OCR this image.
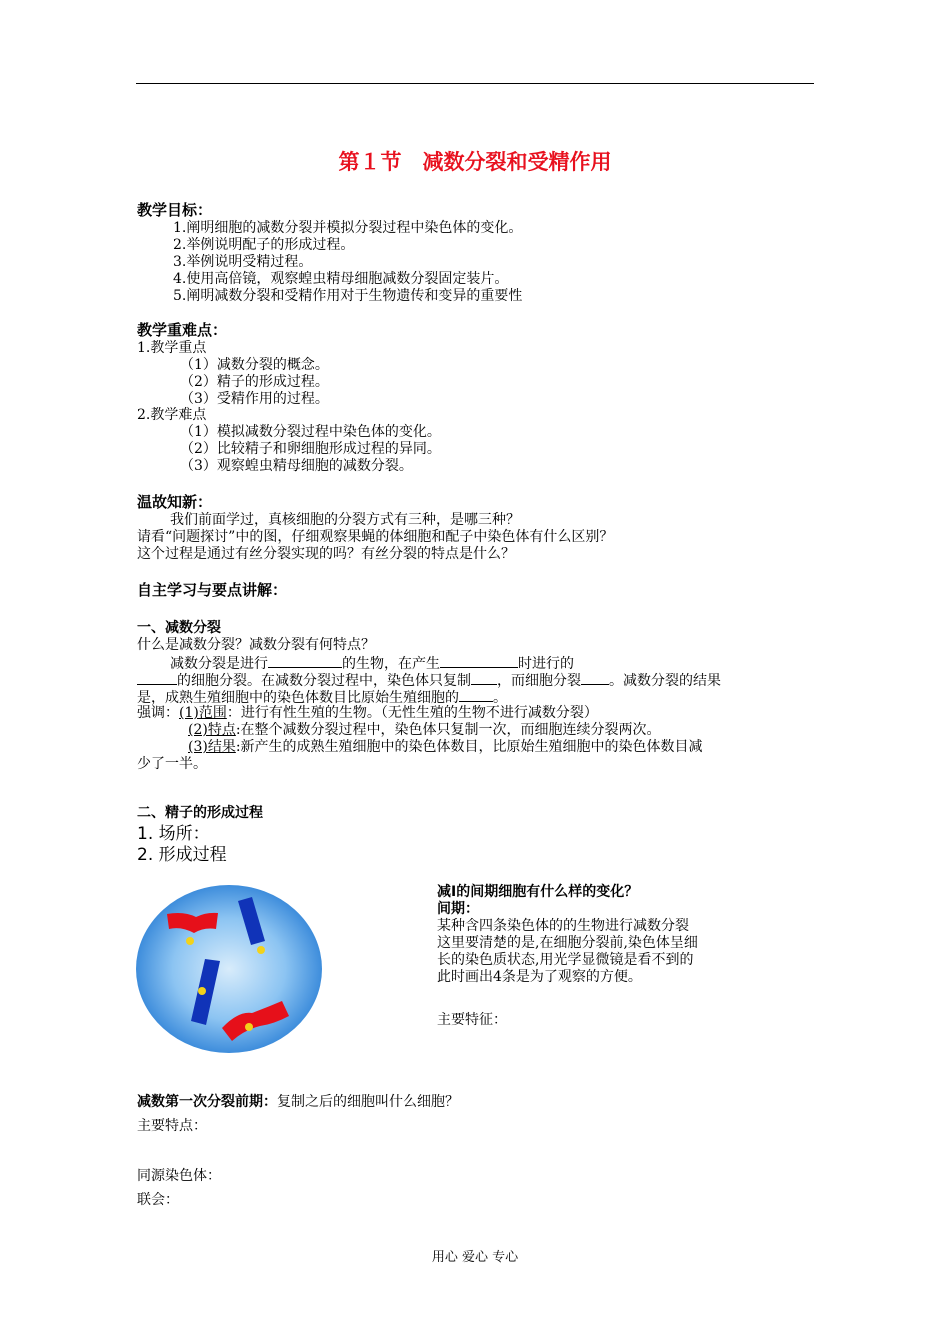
第１节　减数分裂和受精作用
教学目标：
1.阐明细胞的减数分裂并模拟分裂过程中染色体的变化。
2.举例说明配子的形成过程。
3.举例说明受精过程。
4.使用高倍镜，观察蝗虫精母细胞减数分裂固定装片。
5.阐明减数分裂和受精作用对于生物遗传和变异的重要性
教学重难点：
1.教学重点
（1）减数分裂的概念。
（2）精子的形成过程。
（3）受精作用的过程。
2.教学难点
（1）模拟减数分裂过程中染色体的变化。
（2）比较精子和卵细胞形成过程的异同。
（3）观察蝗虫精母细胞的减数分裂。
温故知新：
我们前面学过，真核细胞的分裂方式有三种，是哪三种？
请看“问题探讨”中的图，仔细观察果蝇的体细胞和配子中染色体有什么区别？
这个过程是通过有丝分裂实现的吗？有丝分裂的特点是什么？
自主学习与要点讲解：
一、减数分裂
什么是减数分裂？减数分裂有何特点？
减数分裂是进行	的生物，在产生	时进行的
的细胞分裂。在减数分裂过程中，染色体只复制 ，而细胞分裂 。减数分裂的结果
是，成熟生殖细胞中的染色体数目比原始生殖细胞的 。
强调：(1)范围：进行有性生殖的生物。（无性生殖的生物不进行减数分裂）
(2)特点:在整个减数分裂过程中，染色体只复制一次，而细胞连续分裂两次。
(3)结果:新产生的成熟生殖细胞中的染色体数目，比原始生殖细胞中的染色体数目减
少了一半。
二、精子的形成过程
1. 场所：
2. 形成过程
减Ⅰ的间期细胞有什么样的变化？
间期：
某种含四条染色体的的生物进行减数分裂
这里要清楚的是,在细胞分裂前,染色体呈细
长的染色质状态,用光学显微镜是看不到的
此时画出4条是为了观察的方便。
主要特征：
减数第一次分裂前期：复制之后的细胞叫什么细胞？
主要特点：
同源染色体：
联会：
用心 爱心 专心
